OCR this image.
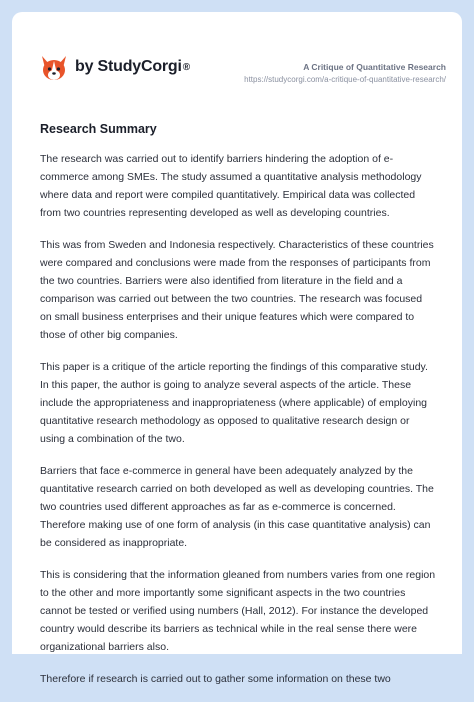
by StudyCorgi ®	A Critique of Quantitative Research
https://studycorgi.com/a-critique-of-quantitative-research/
Research Summary

The research was carried out to identify barriers hindering the adoption of e-commerce among SMEs. The study assumed a quantitative analysis methodology where data and report were compiled quantitatively. Empirical data was collected from two countries representing developed as well as developing countries.

This was from Sweden and Indonesia respectively. Characteristics of these countries were compared and conclusions were made from the responses of participants from the two countries. Barriers were also identified from literature in the field and a comparison was carried out between the two countries. The research was focused on small business enterprises and their unique features which were compared to those of other big companies.

This paper is a critique of the article reporting the findings of this comparative study. In this paper, the author is going to analyze several aspects of the article. These include the appropriateness and inappropriateness (where applicable) of employing quantitative research methodology as opposed to qualitative research design or using a combination of the two.

Barriers that face e-commerce in general have been adequately analyzed by the quantitative research carried on both developed as well as developing countries. The two countries used different approaches as far as e-commerce is concerned. Therefore making use of one form of analysis (in this case quantitative analysis) can be considered as inappropriate.

This is considering that the information gleaned from numbers varies from one region to the other and more importantly some significant aspects in the two countries cannot be tested or verified using numbers (Hall, 2012). For instance the developed country would describe its barriers as technical while in the real sense there were organizational barriers also.

Therefore if research is carried out to gather some information on these two
